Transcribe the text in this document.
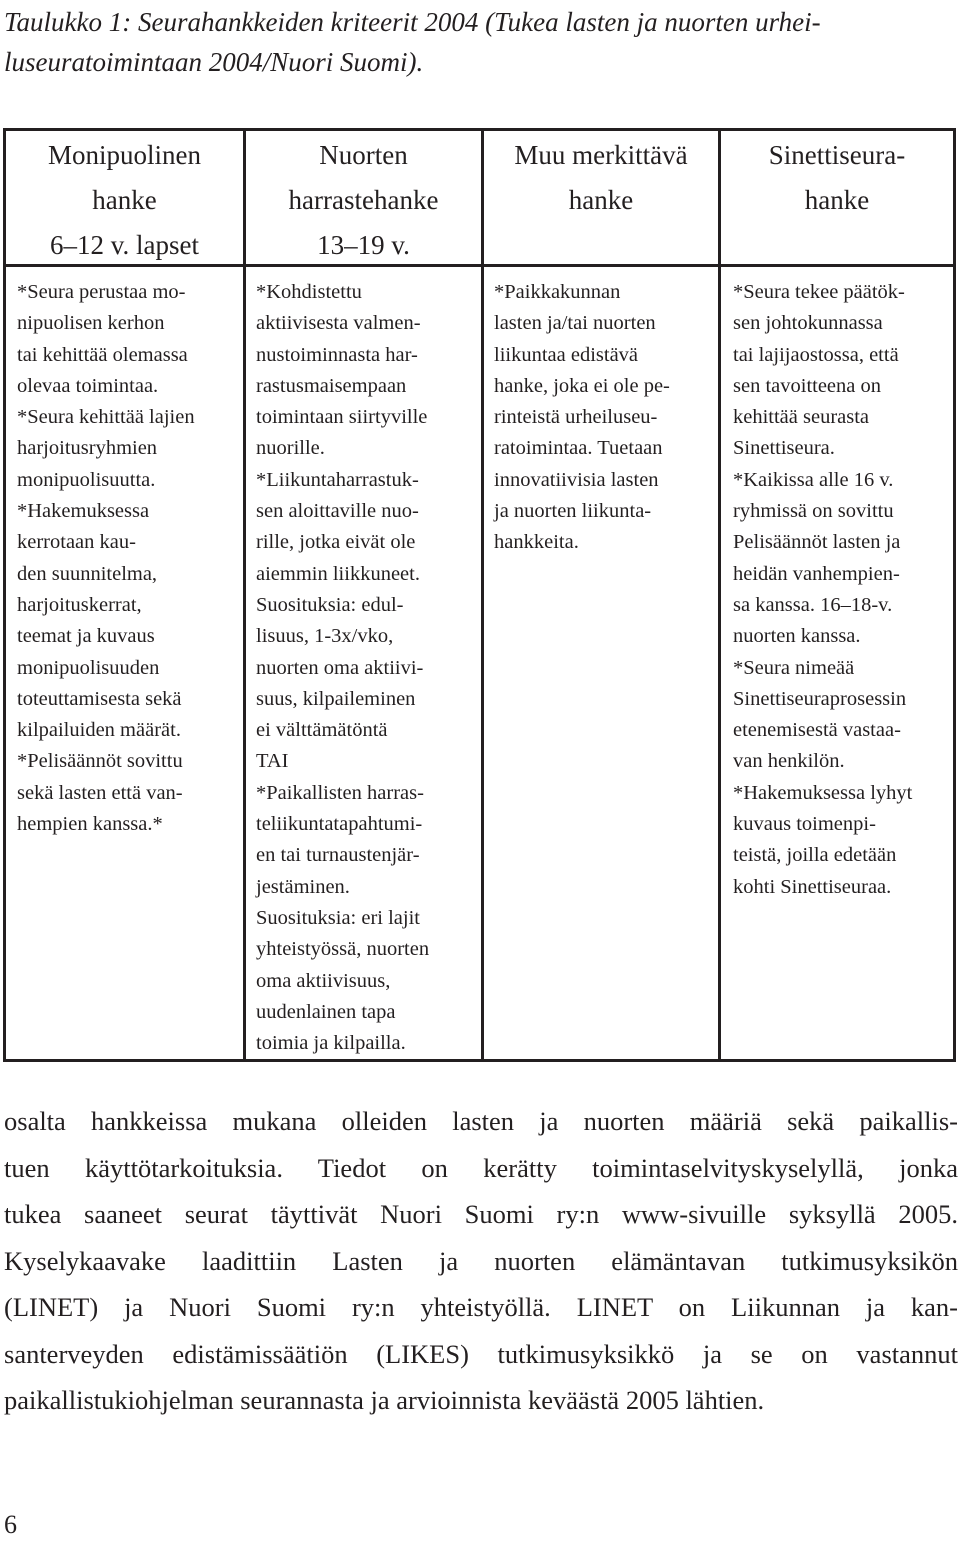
Taulukko 1: Seurahankkeiden kriteerit 2004 (Tukea lasten ja nuorten urhei-
luseuratoimintaan 2004/Nuori Suomi).
Monipuolinen
hanke
6–12 v. lapset
*Seura perustaa mo-
nipuolisen kerhon
tai kehittää olemassa
olevaa toimintaa.
*Seura kehittää lajien
harjoitusryhmien
monipuolisuutta.
*Hakemuksessa
kerrotaan kau-
den suunnitelma,
harjoituskerrat,
teemat ja kuvaus
monipuolisuuden
toteuttamisesta sekä
kilpailuiden määrät.
*Pelisäännöt sovittu
sekä lasten että van-
hempien kanssa.*
Nuorten
harrastehanke
13–19 v.
*Kohdistettu
aktiivisesta valmen-
nustoiminnasta har-
rastusmaisempaan
toimintaan siirtyville
nuorille.
*Liikuntaharrastuk-
sen aloittaville nuo-
rille, jotka eivät ole
aiemmin liikkuneet.
Suosituksia: edul-
lisuus, 1-3x/vko,
nuorten oma aktiivi-
suus, kilpaileminen
ei välttämätöntä
TAI
*Paikallisten harras-
teliikuntatapahtumi-
en tai turnaustenjär-
jestäminen.
Suosituksia: eri lajit
yhteistyössä, nuorten
oma aktiivisuus,
uudenlainen tapa
toimia ja kilpailla.
Muu merkittävä
hanke
*Paikkakunnan
lasten ja/tai nuorten
liikuntaa edistävä
hanke, joka ei ole pe-
rinteistä urheiluseu-
ratoimintaa. Tuetaan
innovatiivisia lasten
ja nuorten liikunta-
hankkeita.
Sinettiseura-
hanke
*Seura tekee päätök-
sen johtokunnassa
tai lajijaostossa, että
sen tavoitteena on
kehittää seurasta
Sinettiseura.
*Kaikissa alle 16 v.
ryhmissä on sovittu
Pelisäännöt lasten ja
heidän vanhempien-
sa kanssa. 16–18-v.
nuorten kanssa.
*Seura nimeää
Sinettiseuraprosessin
etenemisestä vastaa-
van henkilön.
*Hakemuksessa lyhyt
kuvaus toimenpi-
teistä, joilla edetään
kohti Sinettiseuraa.
osalta hankkeissa mukana olleiden lasten ja nuorten määriä sekä paikallis-
tuen käyttötarkoituksia. Tiedot on kerätty toimintaselvityskyselyllä, jonka
tukea saaneet seurat täyttivät Nuori Suomi ry:n www-sivuille syksyllä 2005.
Kyselykaavake laadittiin Lasten ja nuorten elämäntavan tutkimusyksikön
(LINET) ja Nuori Suomi ry:n yhteistyöllä. LINET on Liikunnan ja kan-
santerveyden edistämissäätiön (LIKES) tutkimusyksikkö ja se on vastannut
paikallistukiohjelman seurannasta ja arvioinnista keväästä 2005 lähtien.
6
